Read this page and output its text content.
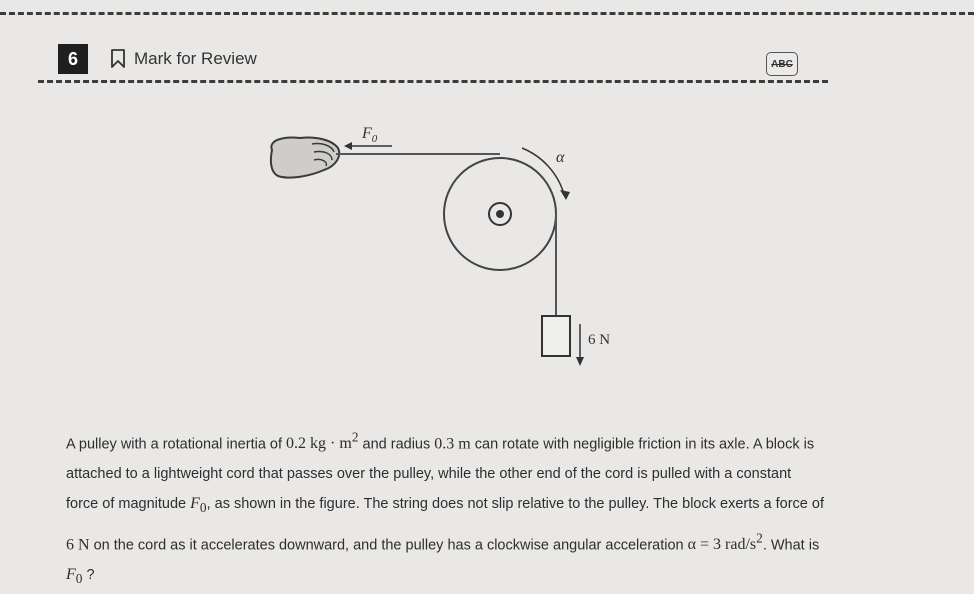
6	Mark for Review	ABC
$F_0$
α
6 N
A pulley with a rotational inertia of 0.2 kg · $m^2$ and radius 0.3 m can rotate with negligible friction in its axle. A block is attached to a lightweight cord that passes over the pulley, while the other end of the cord is pulled with a constant force of magnitude $F_0$, as shown in the figure. The string does not slip relative to the pulley. The block exerts a force of 6 N on the cord as it accelerates downward, and the pulley has a clockwise angular acceleration α = 3 rad/$s^2$. What is $F_0$ ?
